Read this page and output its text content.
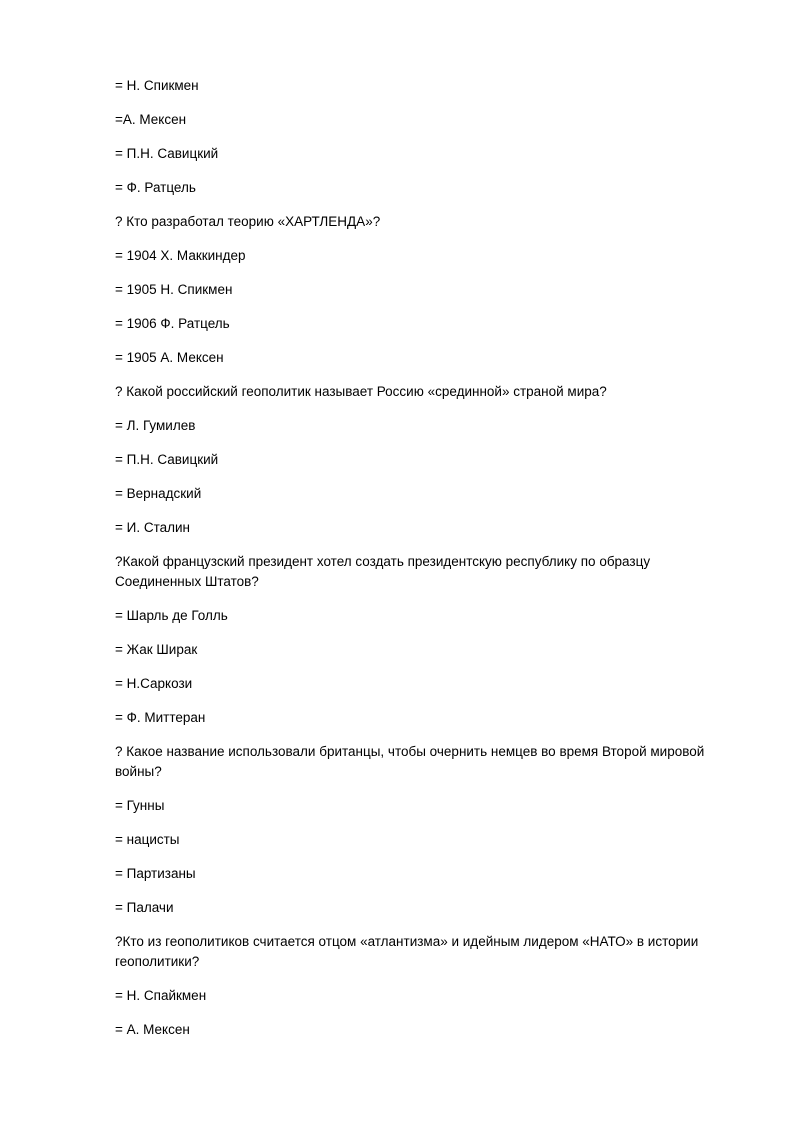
= Н. Спикмен

=А. Мексен

= П.Н. Савицкий

= Ф. Ратцель

? Кто разработал теорию «ХАРТЛЕНДА»?

= 1904 Х. Маккиндер

= 1905 Н. Спикмен

= 1906 Ф. Ратцель

= 1905 А. Мексен

? Какой российский геополитик называет Россию «срединной» страной мира?

= Л. Гумилев

= П.Н. Савицкий

= Вернадский

= И. Сталин

?Какой французский президент хотел создать президентскую республику по образцу Соединенных Штатов?

= Шарль де Голль

= Жак Ширак

= Н.Саркози

= Ф. Миттеран

? Какое название использовали британцы, чтобы очернить немцев во время Второй мировой войны?

= Гунны

= нацисты

= Партизаны

= Палачи

?Кто из геополитиков считается отцом «атлантизма» и идейным лидером «НАТО» в истории геополитики?

= Н. Спайкмен

= А. Мексен
